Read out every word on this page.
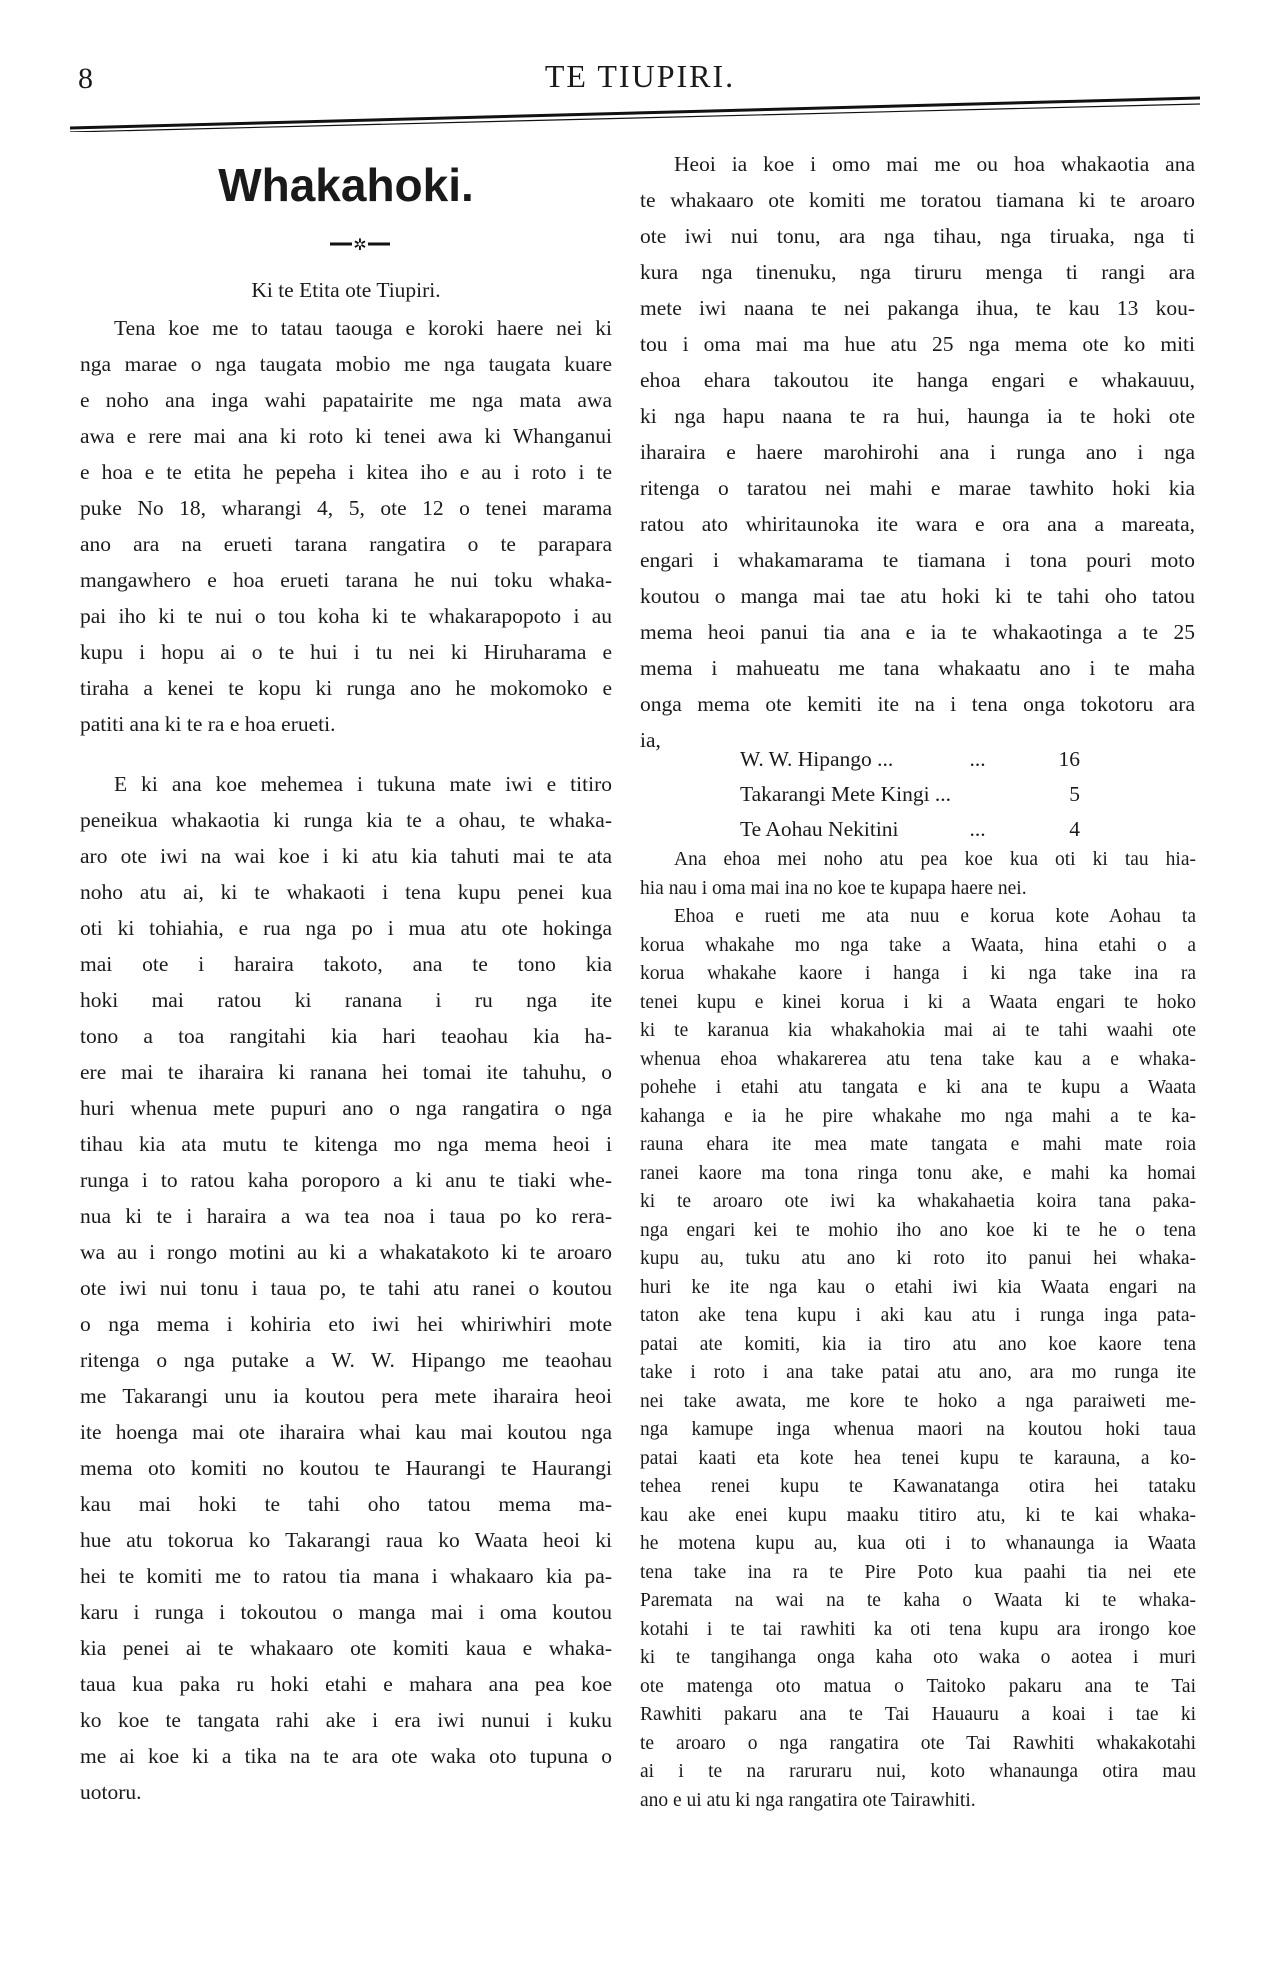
8	TE TIUPIRI.
Whakahoki.
✲
Ki te Etita ote Tiupiri.
Tena koe me to tatau taouga e koroki haere nei ki
nga marae o nga taugata mobio me nga taugata kuare
e noho ana inga wahi papatairite me nga mata awa
awa e rere mai ana ki roto ki tenei awa ki Whanganui
e hoa e te etita he pepeha i kitea iho e au i roto i te
puke No 18, wharangi 4, 5, ote 12 o tenei marama
ano ara na erueti tarana rangatira o te parapara
mangawhero e hoa erueti tarana he nui toku whaka-
pai iho ki te nui o tou koha ki te whakarapopoto i au
kupu i hopu ai o te hui i tu nei ki Hiruharama e
tiraha a kenei te kopu ki runga ano he mokomoko e
patiti ana ki te ra e hoa erueti.
E ki ana koe mehemea i tukuna mate iwi e titiro
peneikua whakaotia ki runga kia te a ohau, te whaka-
aro ote iwi na wai koe i ki atu kia tahuti mai te ata
noho atu ai, ki te whakaoti i tena kupu penei kua
oti ki tohiahia, e rua nga po i mua atu ote hokinga
mai ote i haraira takoto, ana te tono kia
hoki mai ratou ki ranana i ru nga ite
tono a toa rangitahi kia hari teaohau kia ha-
ere mai te iharaira ki ranana hei tomai ite tahuhu, o
huri whenua mete pupuri ano o nga rangatira o nga
tihau kia ata mutu te kitenga mo nga mema heoi i
runga i to ratou kaha poroporo a ki anu te tiaki whe-
nua ki te i haraira a wa tea noa i taua po ko rera-
wa au i rongo motini au ki a whakatakoto ki te aroaro
ote iwi nui tonu i taua po, te tahi atu ranei o koutou
o nga mema i kohiria eto iwi hei whiriwhiri mote
ritenga o nga putake a W. W. Hipango me teaohau
me Takarangi unu ia koutou pera mete iharaira heoi
ite hoenga mai ote iharaira whai kau mai koutou nga
mema oto komiti no koutou te Haurangi te Haurangi
kau mai hoki te tahi oho tatou mema ma-
hue atu tokorua ko Takarangi raua ko Waata heoi ki
hei te komiti me to ratou tia mana i whakaaro kia pa-
karu i runga i tokoutou o manga mai i oma koutou
kia penei ai te whakaaro ote komiti kaua e whaka-
taua kua paka ru hoki etahi e mahara ana pea koe
ko koe te tangata rahi ake i era iwi nunui i kuku
me ai koe ki a tika na te ara ote waka oto tupuna o
uotoru.
Heoi ia koe i omo mai me ou hoa whakaotia ana
te whakaaro ote komiti me toratou tiamana ki te aroaro
ote iwi nui tonu, ara nga tihau, nga tiruaka, nga ti
kura nga tinenuku, nga tiruru menga ti rangi ara
mete iwi naana te nei pakanga ihua, te kau 13 kou-
tou i oma mai ma hue atu 25 nga mema ote ko miti
ehoa ehara takoutou ite hanga engari e whakauuu,
ki nga hapu naana te ra hui, haunga ia te hoki ote
iharaira e haere marohirohi ana i runga ano i nga
ritenga o taratou nei mahi e marae tawhito hoki kia
ratou ato whiritaunoka ite wara e ora ana a mareata,
engari i whakamarama te tiamana i tona pouri moto
koutou o manga mai tae atu hoki ki te tahi oho tatou
mema heoi panui tia ana e ia te whakaotinga a te 25
mema i mahueatu me tana whakaatu ano i te maha
onga mema ote kemiti ite na i tena onga tokotoru ara
ia,
W. W. Hipango ...	...	16
Takarangi Mete Kingi ...	5
Te Aohau Nekitini	...	4
Ana ehoa mei noho atu pea koe kua oti ki tau hia-
hia nau i oma mai ina no koe te kupapa haere nei.
Ehoa e rueti me ata nuu e korua kote Aohau ta
korua whakahe mo nga take a Waata, hina etahi o a
korua whakahe kaore i hanga i ki nga take ina ra
tenei kupu e kinei korua i ki a Waata engari te hoko
ki te karanua kia whakahokia mai ai te tahi waahi ote
whenua ehoa whakarerea atu tena take kau a e whaka-
pohehe i etahi atu tangata e ki ana te kupu a Waata
kahanga e ia he pire whakahe mo nga mahi a te ka-
rauna ehara ite mea mate tangata e mahi mate roia
ranei kaore ma tona ringa tonu ake, e mahi ka homai
ki te aroaro ote iwi ka whakahaetia koira tana paka-
nga engari kei te mohio iho ano koe ki te he o tena
kupu au, tuku atu ano ki roto ito panui hei whaka-
huri ke ite nga kau o etahi iwi kia Waata engari na
taton ake tena kupu i aki kau atu i runga inga pata-
patai ate komiti, kia ia tiro atu ano koe kaore tena
take i roto i ana take patai atu ano, ara mo runga ite
nei take awata, me kore te hoko a nga paraiweti me-
nga kamupe inga whenua maori na koutou hoki taua
patai kaati eta kote hea tenei kupu te karauna, a ko-
tehea renei kupu te Kawanatanga otira hei tataku
kau ake enei kupu maaku titiro atu, ki te kai whaka-
he motena kupu au, kua oti i to whanaunga ia Waata
tena take ina ra te Pire Poto kua paahi tia nei ete
Paremata na wai na te kaha o Waata ki te whaka-
kotahi i te tai rawhiti ka oti tena kupu ara irongo koe
ki te tangihanga onga kaha oto waka o aotea i muri
ote matenga oto matua o Taitoko pakaru ana te Tai
Rawhiti pakaru ana te Tai Hauauru a koai i tae ki
te aroaro o nga rangatira ote Tai Rawhiti whakakotahi
ai i te na raruraru nui, koto whanaunga otira mau
ano e ui atu ki nga rangatira ote Tairawhiti.
